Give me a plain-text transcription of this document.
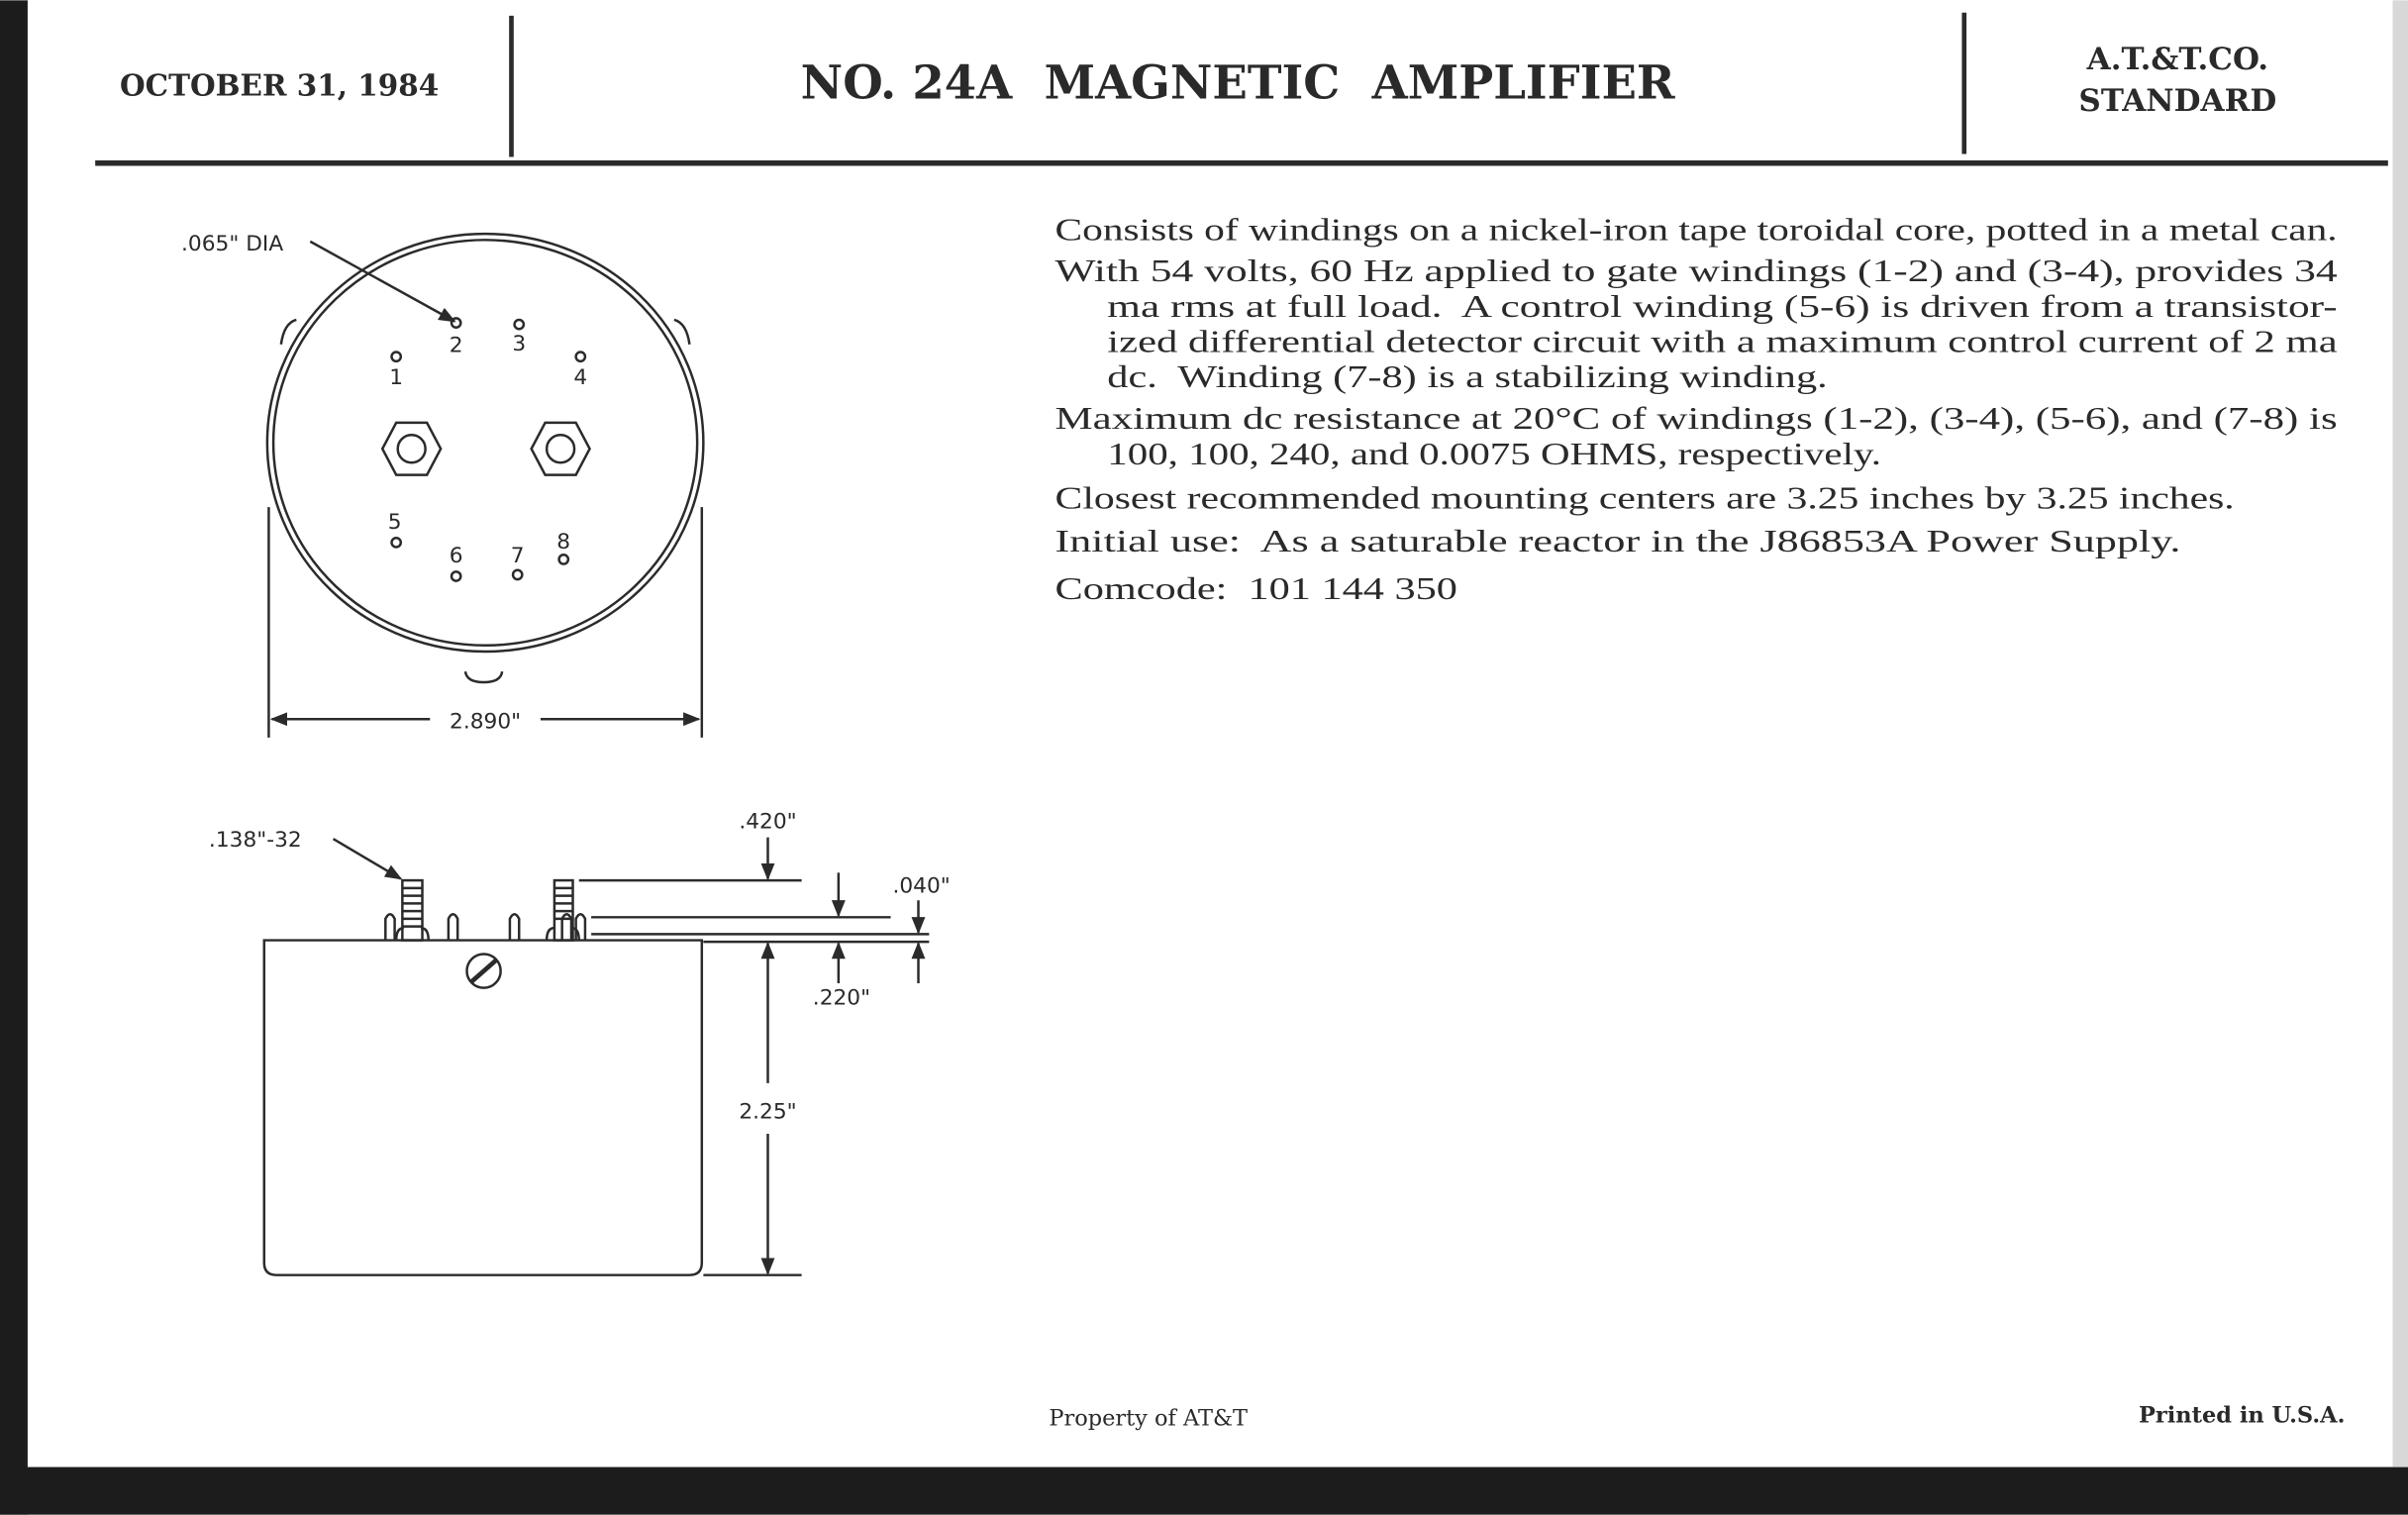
OCTOBER 31, 1984	NO. 24A  MAGNETIC  AMPLIFIER	A.T.&T.CO.
STANDARD
Consists of windings on a nickel-iron tape toroidal core, potted in a metal can.
With 54 volts, 60 Hz applied to gate windings (1-2) and (3-4), provides 34
ma rms at full load.  A control winding (5-6) is driven from a transistor-
ized differential detector circuit with a maximum control current of 2 ma
dc.  Winding (7-8) is a stabilizing winding.
Maximum dc resistance at 20°C of windings (1-2), (3-4), (5-6), and (7-8) is
100, 100, 240, and 0.0075 OHMS, respectively.
Closest recommended mounting centers are 3.25 inches by 3.25 inches.
Initial use:  As a saturable reactor in the J86853A Power Supply.
Comcode:  101 144 350
1
2	3
4
5
6	7
8
.065" DIA
2.890"
.138"-32
.420"
.040"
.220"
2.25"
Property of AT&T	Printed in U.S.A.
